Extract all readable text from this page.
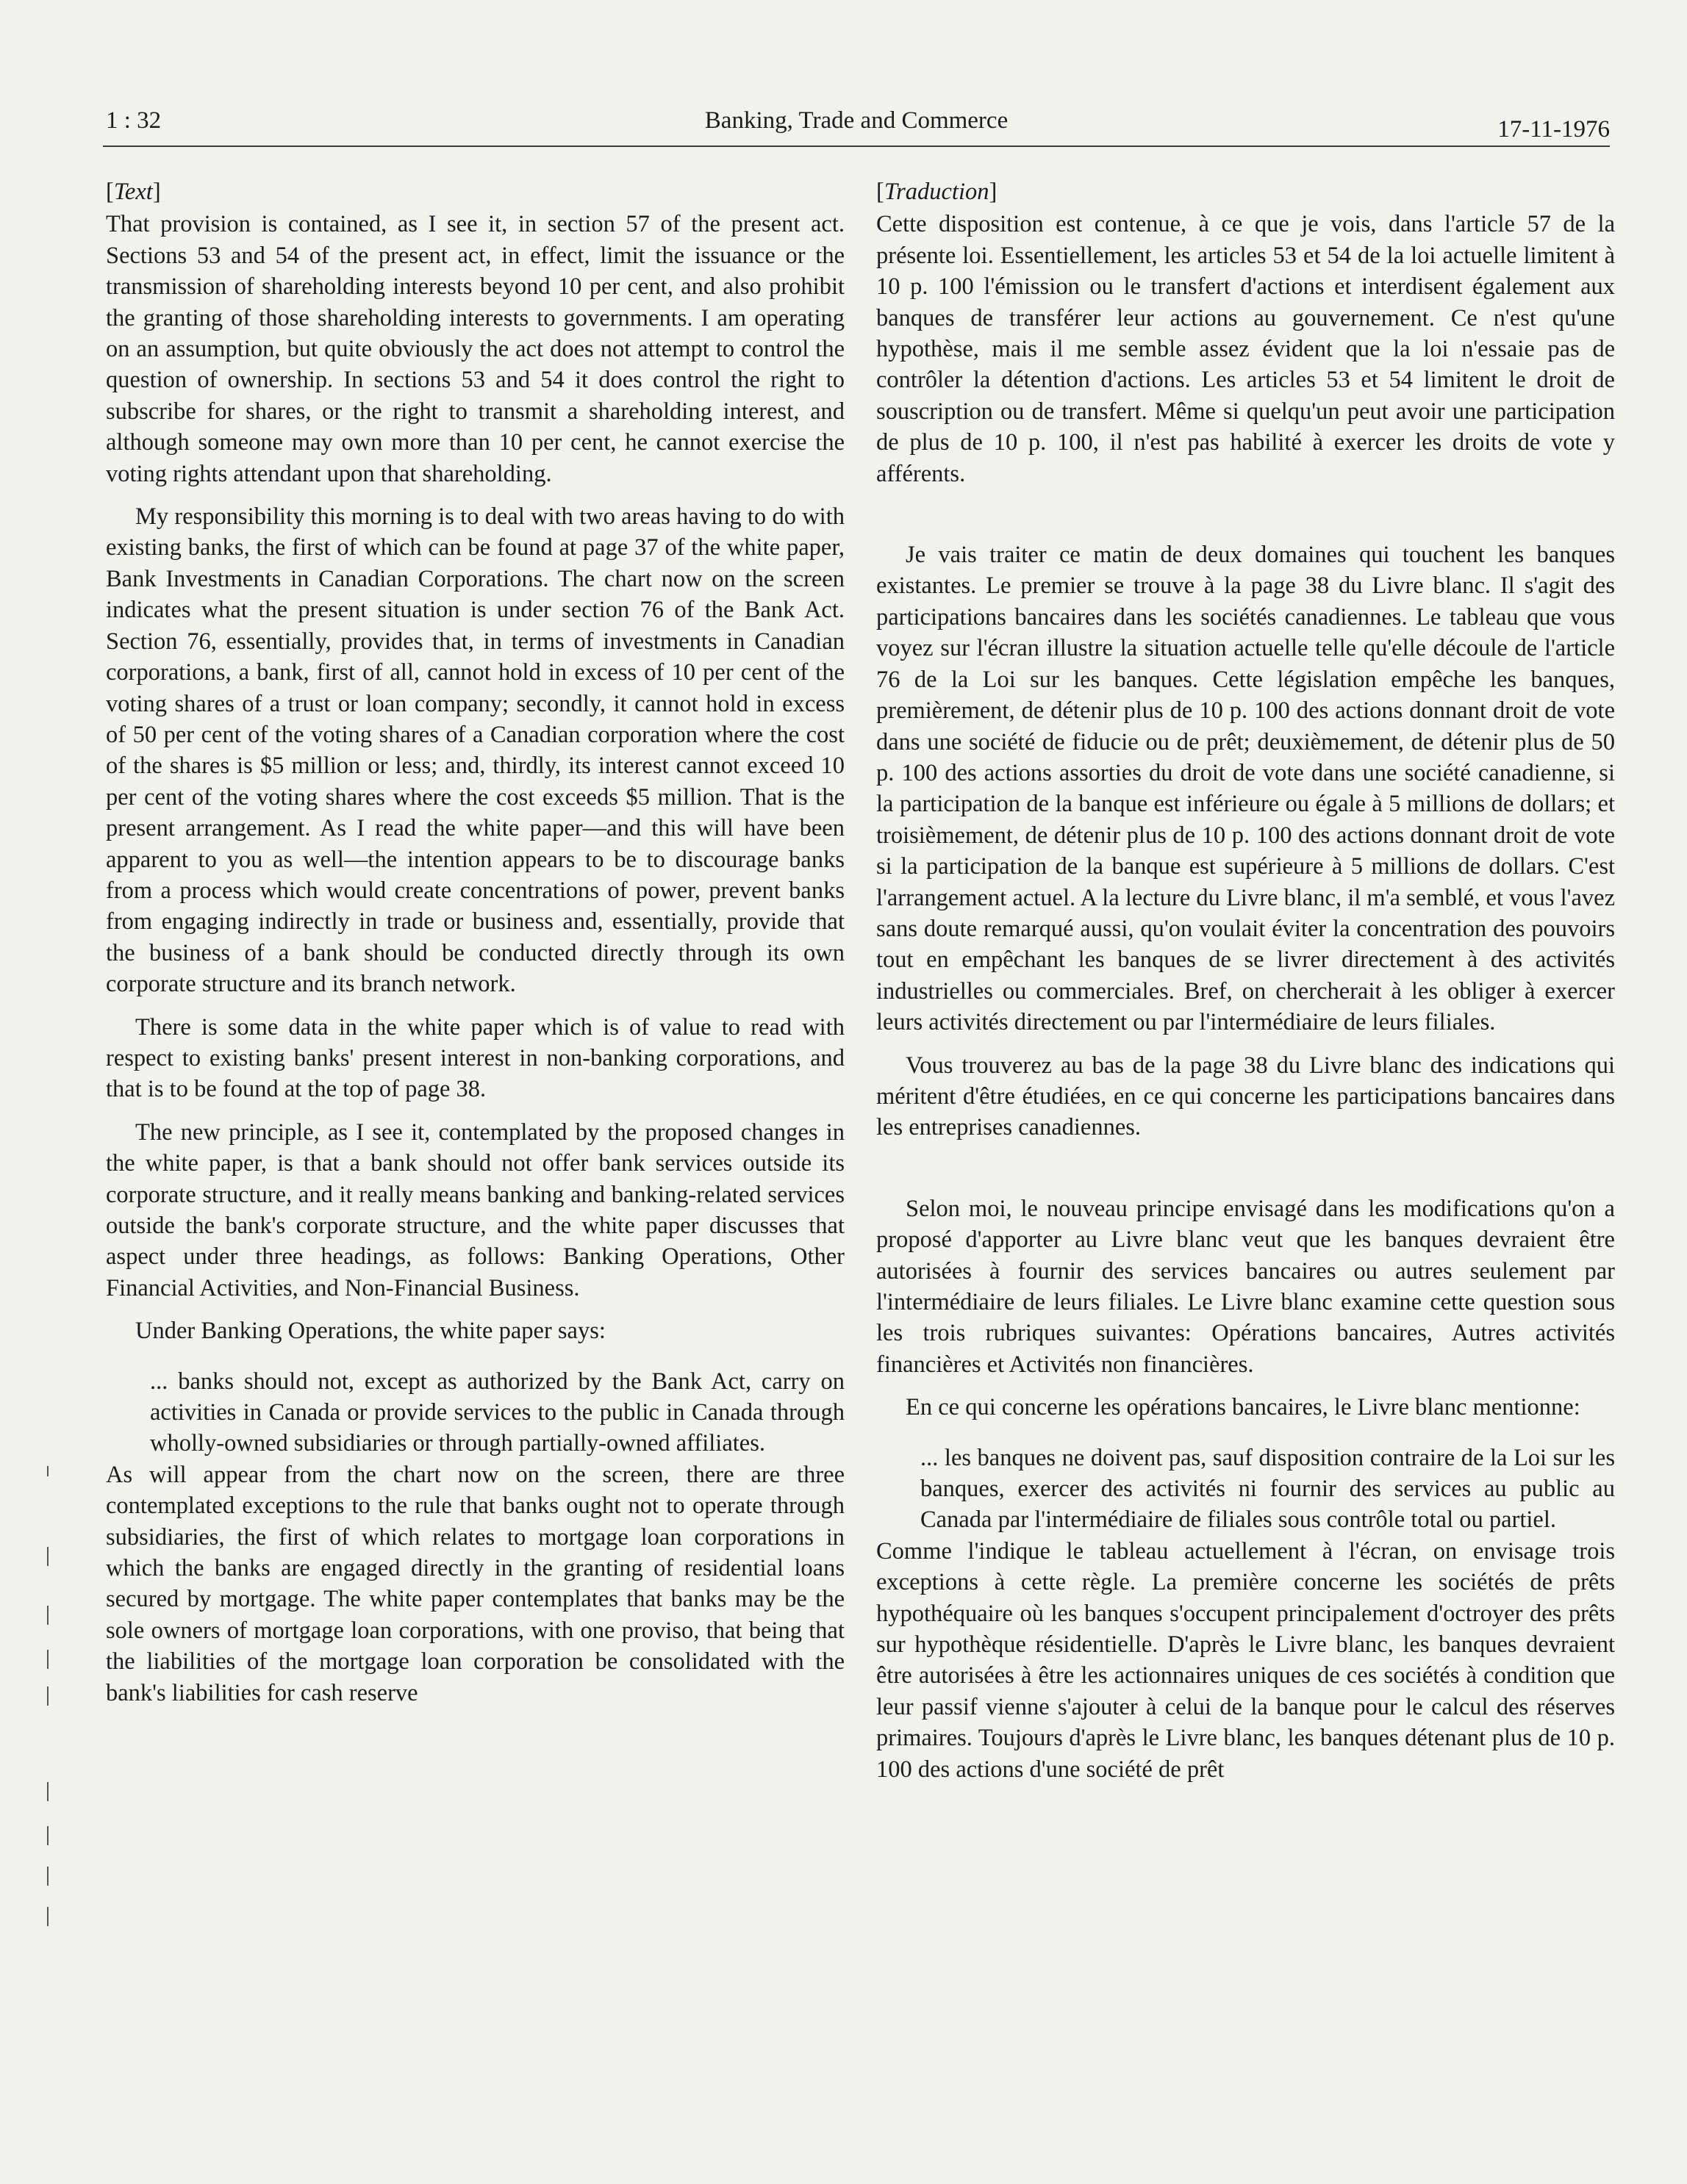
1 : 32	Banking, Trade and Commerce	17-11-1976
[Text]

That provision is contained, as I see it, in section 57 of the present act. Sections 53 and 54 of the present act, in effect, limit the issuance or the transmission of shareholding interests beyond 10 per cent, and also prohibit the granting of those shareholding interests to governments. I am operating on an assumption, but quite obviously the act does not attempt to control the question of ownership. In sections 53 and 54 it does control the right to subscribe for shares, or the right to transmit a shareholding interest, and although someone may own more than 10 per cent, he cannot exercise the voting rights attendant upon that shareholding.

My responsibility this morning is to deal with two areas having to do with existing banks, the first of which can be found at page 37 of the white paper, Bank Investments in Canadian Corporations. The chart now on the screen indicates what the present situation is under section 76 of the Bank Act. Section 76, essentially, provides that, in terms of investments in Canadian corporations, a bank, first of all, cannot hold in excess of 10 per cent of the voting shares of a trust or loan company; secondly, it cannot hold in excess of 50 per cent of the voting shares of a Canadian corporation where the cost of the shares is $5 million or less; and, thirdly, its interest cannot exceed 10 per cent of the voting shares where the cost exceeds $5 million. That is the present arrangement. As I read the white paper—and this will have been apparent to you as well—the intention appears to be to discourage banks from a process which would create concentrations of power, prevent banks from engaging indirectly in trade or business and, essentially, provide that the business of a bank should be conducted directly through its own corporate structure and its branch network.

There is some data in the white paper which is of value to read with respect to existing banks' present interest in non-banking corporations, and that is to be found at the top of page 38.

The new principle, as I see it, contemplated by the proposed changes in the white paper, is that a bank should not offer bank services outside its corporate structure, and it really means banking and banking-related services outside the bank's corporate structure, and the white paper discusses that aspect under three headings, as follows: Banking Operations, Other Financial Activities, and Non-Financial Business.

Under Banking Operations, the white paper says:

... banks should not, except as authorized by the Bank Act, carry on activities in Canada or provide services to the public in Canada through wholly-owned subsidiaries or through partially-owned affiliates.

As will appear from the chart now on the screen, there are three contemplated exceptions to the rule that banks ought not to operate through subsidiaries, the first of which relates to mortgage loan corporations in which the banks are engaged directly in the granting of residential loans secured by mortgage. The white paper contemplates that banks may be the sole owners of mortgage loan corporations, with one proviso, that being that the liabilities of the mortgage loan corporation be consolidated with the bank's liabilities for cash reserve

[Traduction]

Cette disposition est contenue, à ce que je vois, dans l'article 57 de la présente loi. Essentiellement, les articles 53 et 54 de la loi actuelle limitent à 10 p. 100 l'émission ou le transfert d'actions et interdisent également aux banques de transférer leur actions au gouvernement. Ce n'est qu'une hypothèse, mais il me semble assez évident que la loi n'essaie pas de contrôler la détention d'actions. Les articles 53 et 54 limitent le droit de souscription ou de transfert. Même si quelqu'un peut avoir une participation de plus de 10 p. 100, il n'est pas habilité à exercer les droits de vote y afférents.

Je vais traiter ce matin de deux domaines qui touchent les banques existantes. Le premier se trouve à la page 38 du Livre blanc. Il s'agit des participations bancaires dans les sociétés canadiennes. Le tableau que vous voyez sur l'écran illustre la situation actuelle telle qu'elle découle de l'article 76 de la Loi sur les banques. Cette législation empêche les banques, premièrement, de détenir plus de 10 p. 100 des actions donnant droit de vote dans une société de fiducie ou de prêt; deuxièmement, de détenir plus de 50 p. 100 des actions assorties du droit de vote dans une société canadienne, si la participation de la banque est inférieure ou égale à 5 millions de dollars; et troisièmement, de détenir plus de 10 p. 100 des actions donnant droit de vote si la participation de la banque est supérieure à 5 millions de dollars. C'est l'arrangement actuel. A la lecture du Livre blanc, il m'a semblé, et vous l'avez sans doute remarqué aussi, qu'on voulait éviter la concentration des pouvoirs tout en empêchant les banques de se livrer directement à des activités industrielles ou commerciales. Bref, on chercherait à les obliger à exercer leurs activités directement ou par l'intermédiaire de leurs filiales.

Vous trouverez au bas de la page 38 du Livre blanc des indications qui méritent d'être étudiées, en ce qui concerne les participations bancaires dans les entreprises canadiennes.

Selon moi, le nouveau principe envisagé dans les modifications qu'on a proposé d'apporter au Livre blanc veut que les banques devraient être autorisées à fournir des services bancaires ou autres seulement par l'intermédiaire de leurs filiales. Le Livre blanc examine cette question sous les trois rubriques suivantes: Opérations bancaires, Autres activités financières et Activités non financières.

En ce qui concerne les opérations bancaires, le Livre blanc mentionne:

... les banques ne doivent pas, sauf disposition contraire de la Loi sur les banques, exercer des activités ni fournir des services au public au Canada par l'intermédiaire de filiales sous contrôle total ou partiel.

Comme l'indique le tableau actuellement à l'écran, on envisage trois exceptions à cette règle. La première concerne les sociétés de prêts hypothéquaire où les banques s'occupent principalement d'octroyer des prêts sur hypothèque résidentielle. D'après le Livre blanc, les banques devraient être autorisées à être les actionnaires uniques de ces sociétés à condition que leur passif vienne s'ajouter à celui de la banque pour le calcul des réserves primaires. Toujours d'après le Livre blanc, les banques détenant plus de 10 p. 100 des actions d'une société de prêt
